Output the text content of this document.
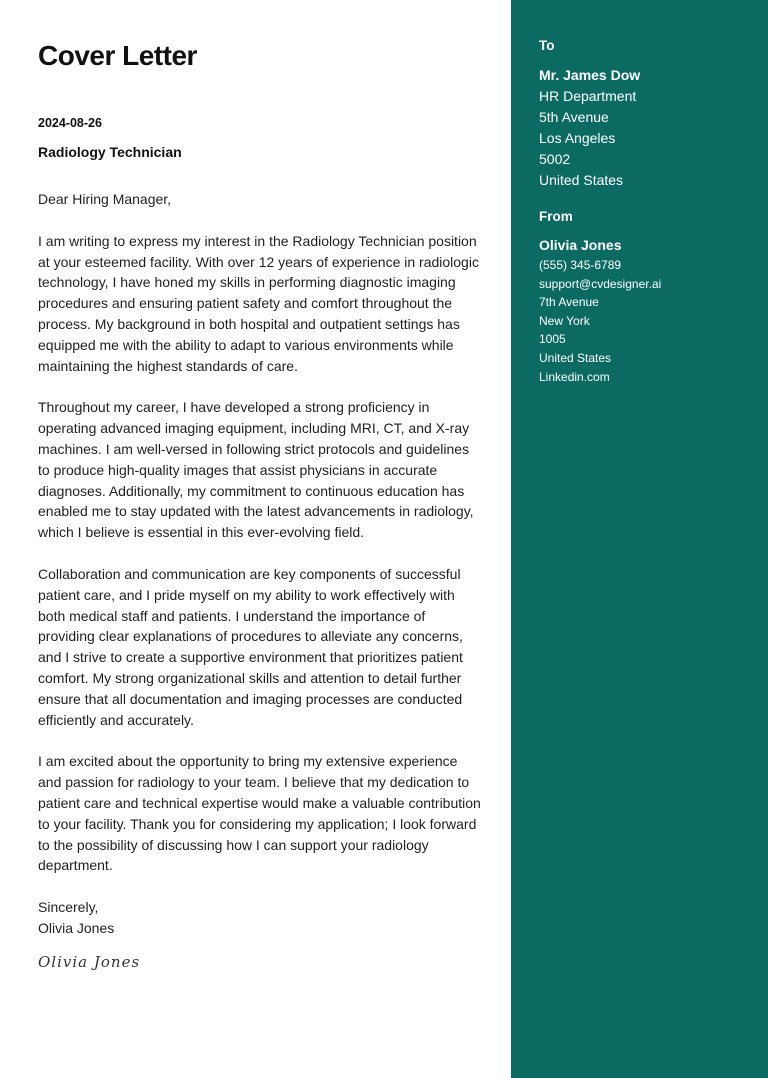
Cover Letter
2024-08-26
Radiology Technician
Dear Hiring Manager,

I am writing to express my interest in the Radiology Technician position at your esteemed facility. With over 12 years of experience in radiologic technology, I have honed my skills in performing diagnostic imaging procedures and ensuring patient safety and comfort throughout the process. My background in both hospital and outpatient settings has equipped me with the ability to adapt to various environments while maintaining the highest standards of care.

Throughout my career, I have developed a strong proficiency in operating advanced imaging equipment, including MRI, CT, and X-ray machines. I am well-versed in following strict protocols and guidelines to produce high-quality images that assist physicians in accurate diagnoses. Additionally, my commitment to continuous education has enabled me to stay updated with the latest advancements in radiology, which I believe is essential in this ever-evolving field.

Collaboration and communication are key components of successful patient care, and I pride myself on my ability to work effectively with both medical staff and patients. I understand the importance of providing clear explanations of procedures to alleviate any concerns, and I strive to create a supportive environment that prioritizes patient comfort. My strong organizational skills and attention to detail further ensure that all documentation and imaging processes are conducted efficiently and accurately.

I am excited about the opportunity to bring my extensive experience and passion for radiology to your team. I believe that my dedication to patient care and technical expertise would make a valuable contribution to your facility. Thank you for considering my application; I look forward to the possibility of discussing how I can support your radiology department.

Sincerely,
Olivia Jones
Olivia Jones
To
Mr. James Dow
HR Department
5th Avenue
Los Angeles
5002
United States
From
Olivia Jones
(555) 345-6789
support@cvdesigner.ai
7th Avenue
New York
1005
United States
Linkedin.com
